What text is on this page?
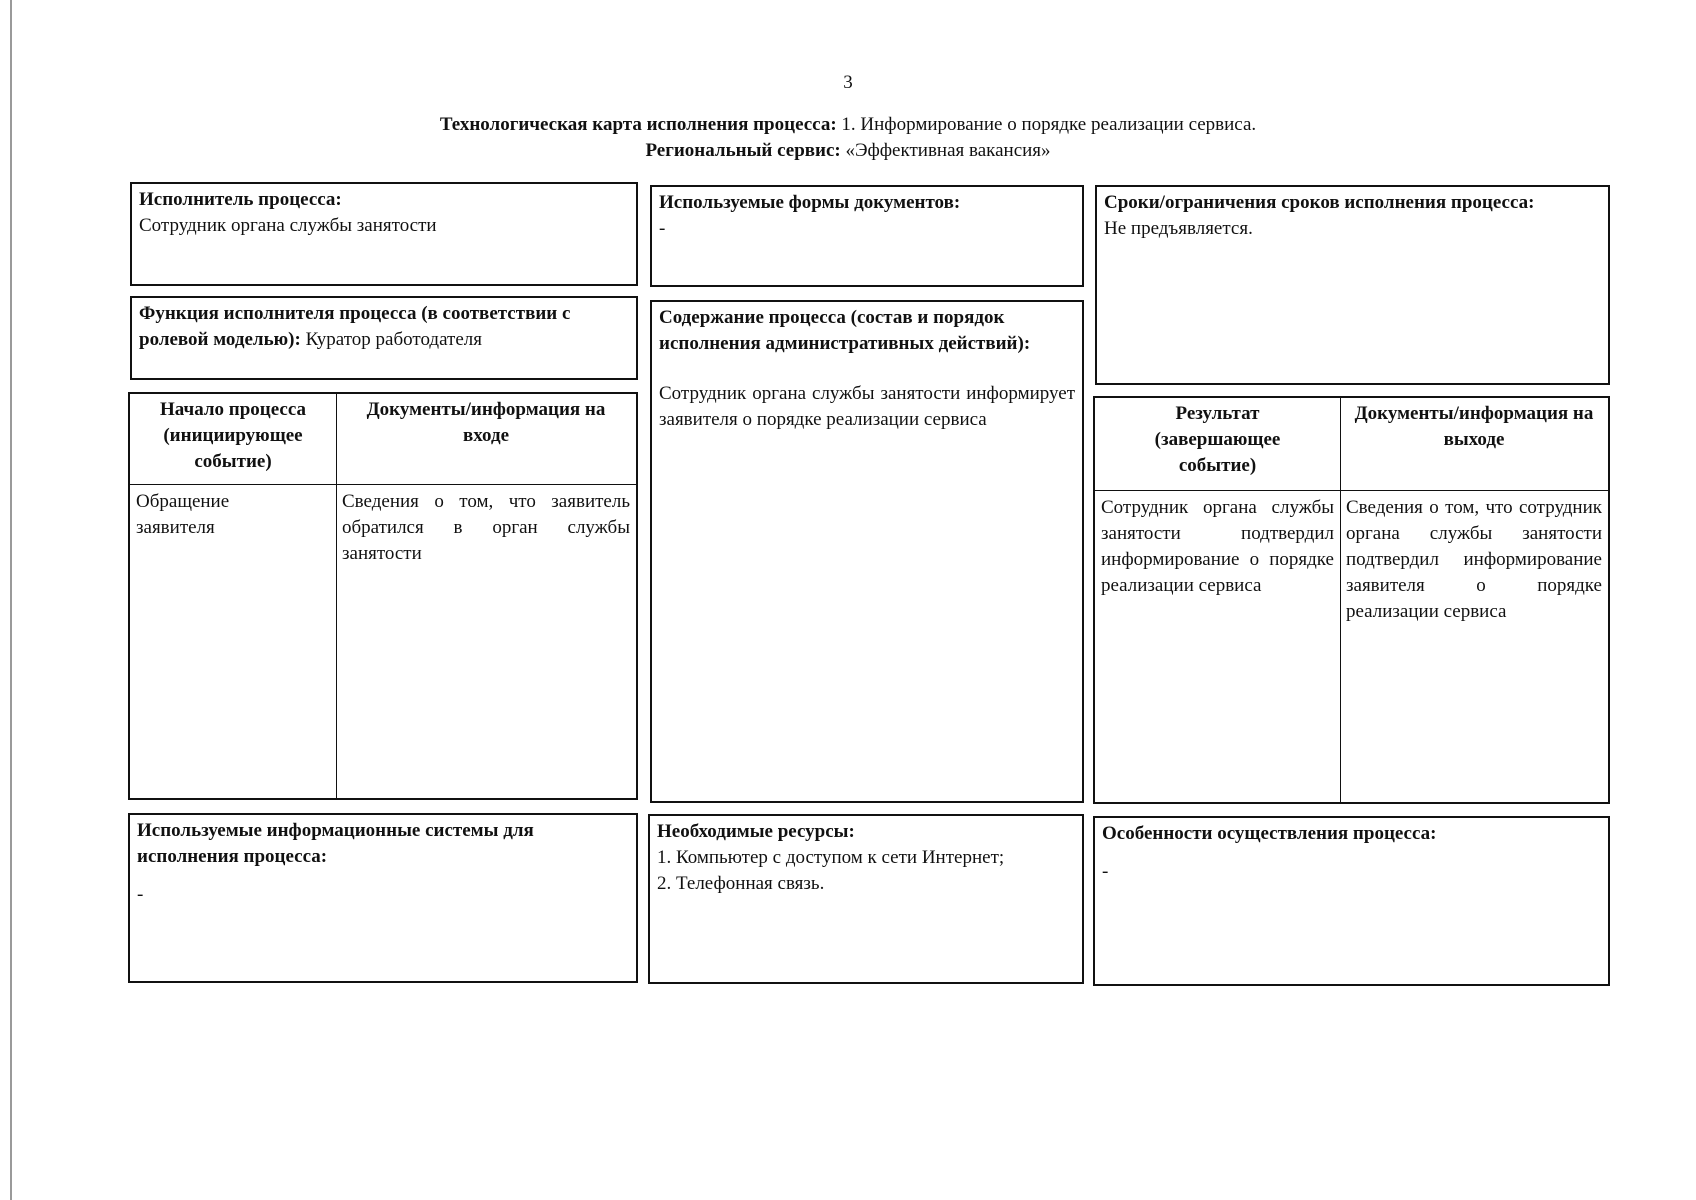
3
Технологическая карта исполнения процесса: 1. Информирование о порядке реализации сервиса.
Региональный сервис: «Эффективная вакансия»
Исполнитель процесса:
Сотрудник органа службы занятости
Используемые формы документов:
-
Сроки/ограничения сроков исполнения процесса:
Не предъявляется.
Функция исполнителя процесса (в соответствии с ролевой моделью): Куратор работодателя
Содержание процесса (состав и порядок исполнения административных действий):
Сотрудник органа службы занятости информирует заявителя о порядке реализации сервиса
Начало процесса (инициирующее событие)
Документы/информация на входе
Обращение заявителя
Сведения о том, что заявитель обратился в орган службы занятости
Результат (завершающее событие)
Документы/информация на выходе
Сотрудник органа службы занятости подтвердил информирование о порядке реализации сервиса
Сведения о том, что сотрудник органа службы занятости подтвердил информирование заявителя о порядке реализации сервиса
Используемые информационные системы для исполнения процесса:
-
Необходимые ресурсы:
1. Компьютер с доступом к сети Интернет;
2. Телефонная связь.
Особенности осуществления процесса:
-
